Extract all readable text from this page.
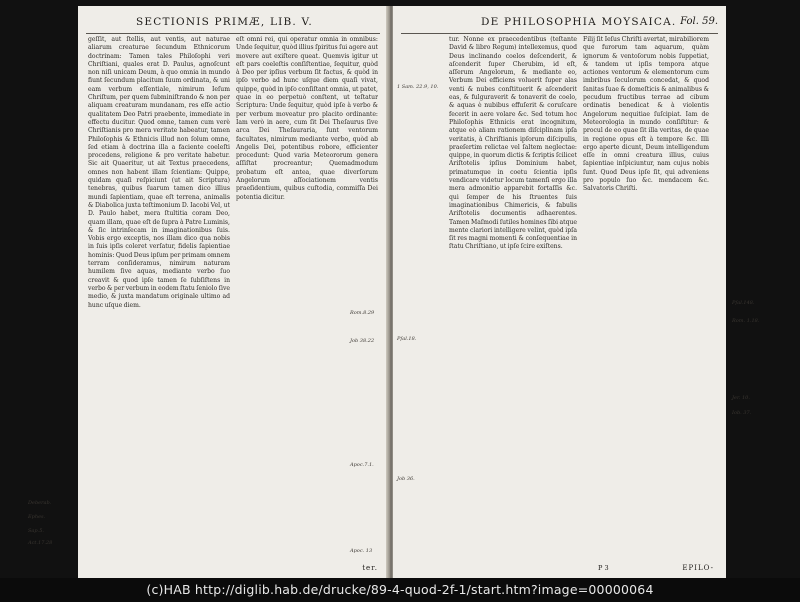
SECTIONIS PRIMÆ, LIB. V.
geſſit, aut ſtellis, aut ventis, aut naturae aliarum creaturae ſecundum Ethnicorum doctrinam: Tamen tales Philoſophi veri Chriſtiani, quales erat D. Paulus, agnoſcunt non niſi unicam Deum, à quo omnia in mundo fiunt ſecundum placitum ſuum ordinata, & uni eam verbum eſſentiale, nimirum Ieſum Chriſtum, per quem ſubminiſtrando & non per aliquam creaturam mundanam, res eſſe actio qualitatem Deo Patri praebente, immediate in effectu ducitur. Quod omne, tamen cum verè Chriſtianis pro mera veritate habeatur, tamen Philoſophis & Ethnicis illud non ſolum omne, ſed etiam à doctrina illa a faciente coeleſti procedens, religione & pro veritate habetur. Sic ait Quaeritur, ut ait Textus praecedens, omnes non habent illam ſcientiam: Quippe, quidam quaſi reſpiciunt (ut ait Scriptura) tenebras, quibus ſuarum tamen dico illius mundi ſapientiam, quae eſt terrena, animalis & Diabolica juxta teſtimonium D. Iacobi Vel, ut D. Paulo habet, mera ſtultitia coram Deo, quam illam, quae eſt de ſupra à Patre Luminis, & ſic intrinſecam in imaginationibus ſuis. Vobis ergo exceptis, nos illam dico qua nobis in ſuis ipſis coleret verſatur, fidelis ſapientiae hominis: Quod Deus ipſum per primam omnem terram conſideramus, nimirum naturam humilem ſive aquas, mediante verbo ſuo creavit & quod ipſe tamen ſe ſubſiſtens in verbo & per verbum in eodem ſtatu ſeniolo ſive medio, & juxta mandatum originale ultimo ad hunc uſque diem.
eſt omni rei, qui operatur omnia in omnibus: Unde ſequitur, quòd illius ſpiritus ſui agere aut movere aut exiſtere queat. Quemvis igitur ut eſt pars coeleſtis conſiſtentiae, ſequitur, quòd à Deo per ipſius verbum ſit factus, & quòd in ipſo verbo ad hunc uſque diem quaſi vivat, quippe, quòd in ipſo conſiſtant omnia, ut patet, quae in eo perpetuò conſtent, ut teſtatur Scriptura: Unde ſequitur, quòd ipſe à verbo & per verbum moveatur pro placito ordinante: Iam verò in aere, cum ſit Dei Theſaurus ſive arca Dei Theſauraria, ſunt ventorum facultates, nimirum mediante verbo, quòd ab Angelis Dei, potentibus robore, efficienter procedunt: Quod varia Meteororum genera aſſiſtat procreantur; Quemadmodum probatum eſt antea, quae diverſorum Angelorum aſſociationem ventis praeſidentium, quibus cuſtodia, commiſſa Dei potentia dicitur.
ter.
Deberab.
Ephes.
Sap.5.
Act.17.28
Rom.8.29
Job 38.22
Apoc.7.1.
Apoc. 13
DE PHILOSOPHIA MOYSAICA. Fol. 59.
tur. Nonne ex praecedentibus (teſtante David & libro Regum) intellexemus, quod Deus inclinando coelos deſcenderit, & aſcenderit ſuper Cherubim, id eſt, aſſerum Angelorum, & mediante eo, Verbum Dei efficiens voluerit ſuper alas venti & nubes conſtituerit & aſcenderit eas, & fulguraverit & tonaverit de coelo, & aquas è nubibus effuſerit & coruſcare fecerit in aere volare &c. Sed totum hoc Philoſophis Ethnicis erat incognitum, atque eò aliam rationem diſciplinam ipſa veritatis, à Chriſtianis ipſorum diſcipulis, praeſertim relictae vel ſaltem neglectae: quippe, in quorum dictis & ſcriptis ſcilicet Ariſtotelis ipſius Dominium habet, primatumque in coetu ſcientia ipſis vendicare videtur locum tamenſi ergo illa mera admonitio apparebit fortaſſis &c. qui ſemper de his ſtruentes ſuis imaginationibus Chimericis, & fabulis Ariſtotelis documentis adhaerentes. Tamen Maſmodi ſutiles homines ſibi atque mente clariori intelligere velint, quòd ipſa ſit res magni momenti & conſequentiae in ſtatu Chriſtiano, ut ipſe ſcire exiſtens.
Filij ſit Ieſus Chriſti avertat, mirabiliorem que furorum tam aquarum, quàm ignorum & ventoſorum nobis ſuppetiat, & tandem ut ipſis tempora atque actiones ventorum & elementorum cum imbribus ſeculorum concedat, & quod ſanitas ſuae & domeſticis & animalibus & pecudum fructibus terrae ad cibum ordinatis benedicat & à violentis Angelorum nequitiae ſuſcipiat. Iam de Meteorologia in mundo conſiſtitur: & procul de eo quae ſit illa veritas, de quae in regione opus eſt à tempore &c. Illi ergo aperte dicunt, Deum intelligendum eſſe in omni creatura illius, cuius ſapientiae inſpiciuntur, nam cujus nobis ſunt. Quod Deus ipſe ſit, qui adveniens pro populo ſuo &c. mendacem &c. Salvatoris Chriſti.
P 3	EPILO-
1 Sam. 22.9, 10.
Pſal.18.
Job 36.
Pſal.148.
Rom. 1.18.
Jer. 10.
Iob. 37.
(c)HAB http://diglib.hab.de/drucke/89-4-quod-2f-1/start.htm?image=00000064
